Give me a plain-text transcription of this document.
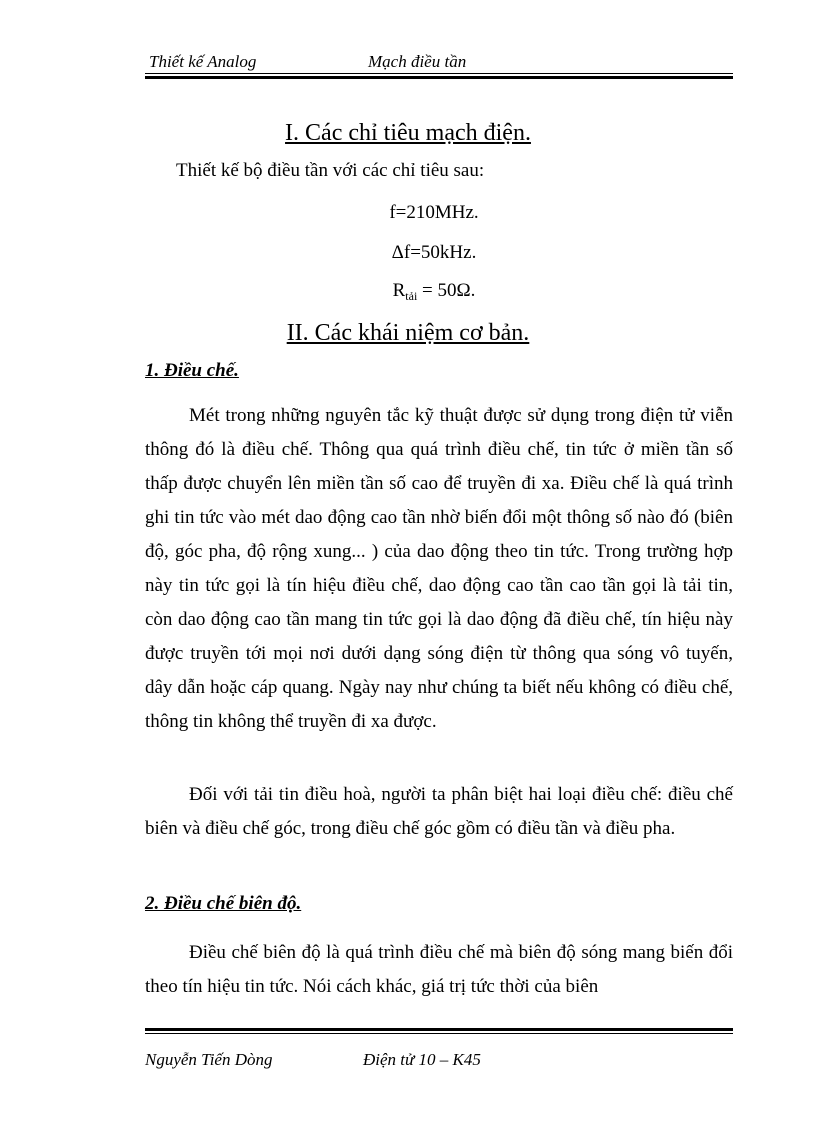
Thiết kế Analog	Mạch điều tần
I. Các chỉ tiêu mạch điện.
Thiết kế bộ điều tần với các chỉ tiêu sau:
f=210MHz.
Δf=50kHz.
$R_{tải} = 50\Omega$.
II. Các khái niệm cơ bản.
1. Điều chế.
Mét trong những nguyên tắc kỹ thuật được sử dụng trong điện tử viễn thông đó là điều chế. Thông qua quá trình điều chế, tin tức ở miền tần số thấp được chuyển lên miền tần số cao để truyền đi xa. Điều chế là quá trình ghi tin tức vào mét dao động cao tần nhờ biến đổi một thông số nào đó (biên độ, góc pha, độ rộng xung... ) của dao động theo tin tức. Trong trường hợp này tin tức gọi là tín hiệu điều chế, dao động cao tần cao tần gọi là tải tin, còn dao động cao tần mang tin tức gọi là dao động đã điều chế, tín hiệu này được truyền tới mọi nơi dưới dạng sóng điện từ thông qua sóng vô tuyến, dây dẫn hoặc cáp quang. Ngày nay như chúng ta biết nếu không có điều chế, thông tin không thể truyền đi xa được.
Đối với tải tin điều hoà, người ta phân biệt hai loại điều chế: điều chế biên và điều chế góc, trong điều chế góc gồm có điều tần và điều pha.
2. Điều chế biên độ.
Điều chế biên độ là quá trình điều chế mà biên độ sóng mang biến đổi theo tín hiệu tin tức. Nói cách khác, giá trị tức thời của biên
Nguyễn Tiến Dòng	Điện tử 10 – K45
